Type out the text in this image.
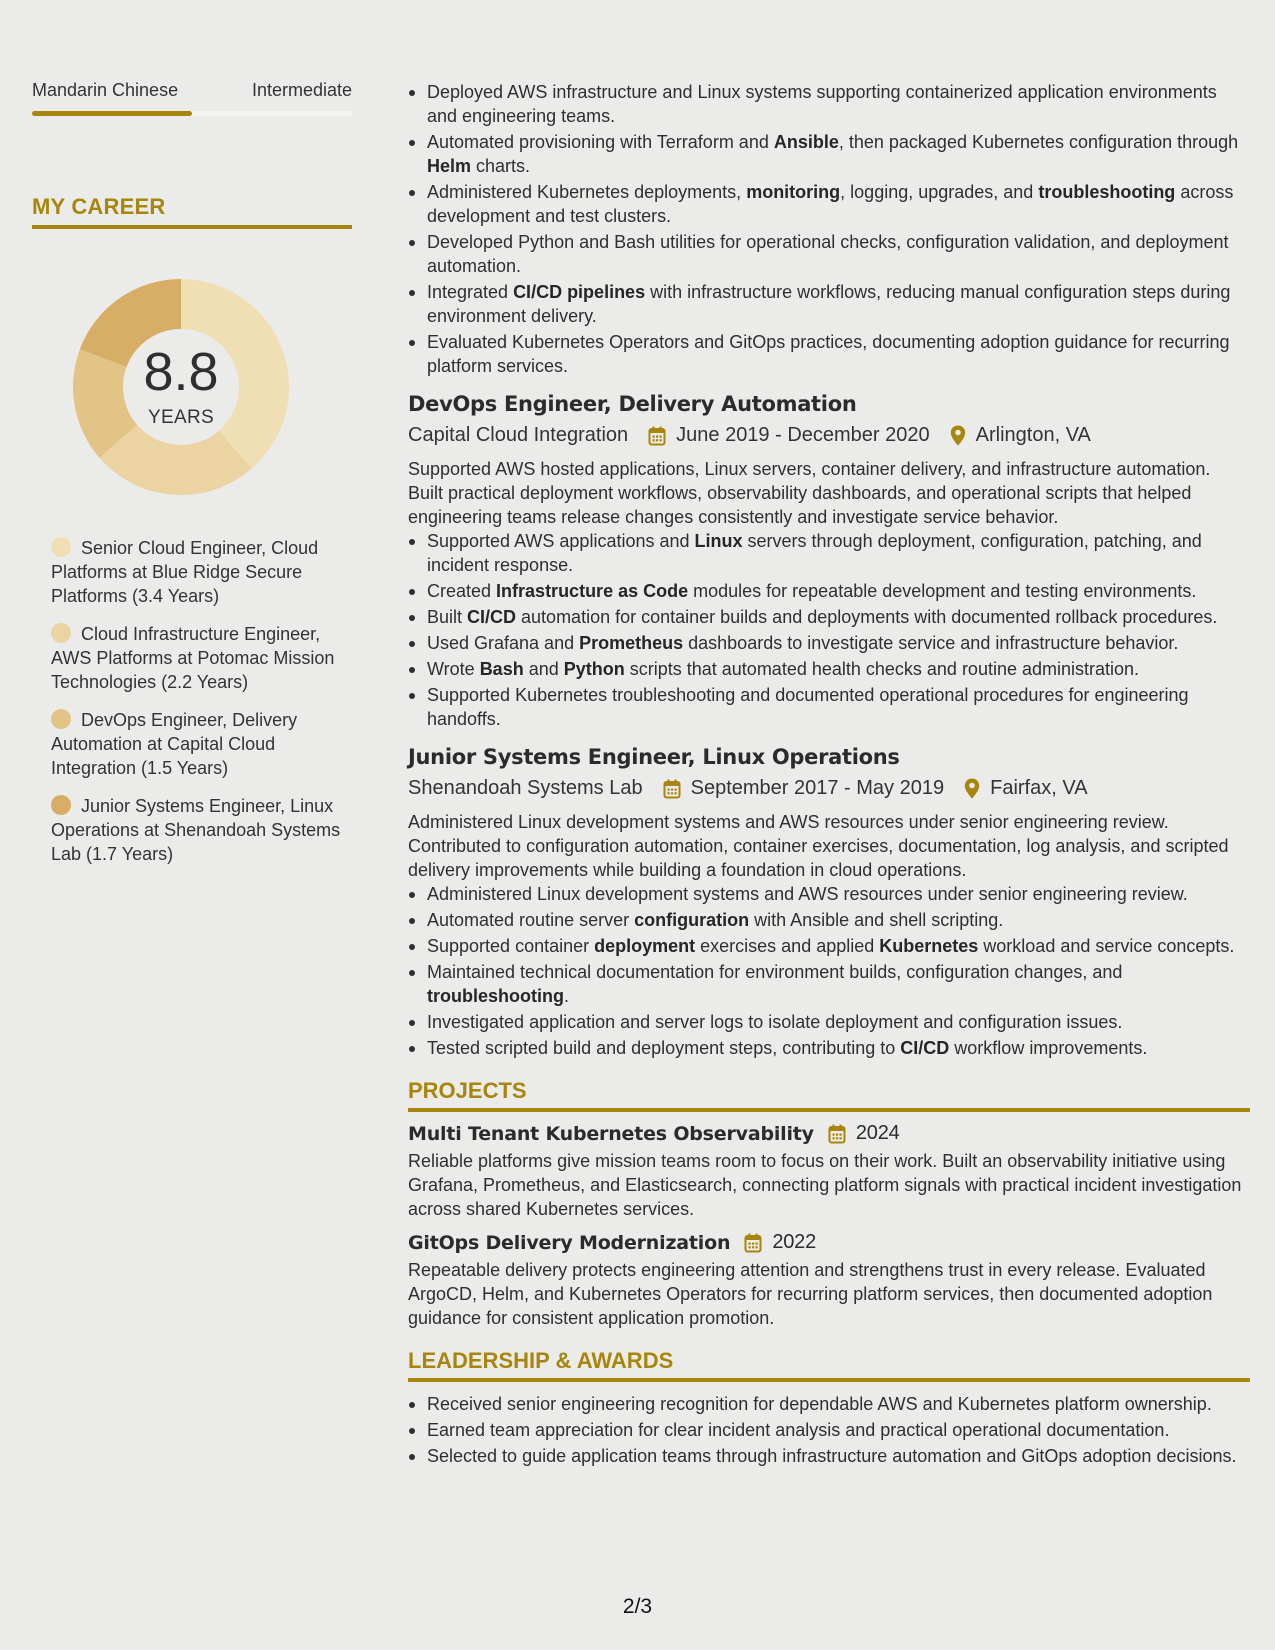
Mandarin Chinese	Intermediate
MY CAREER
8.8
YEARS
Senior Cloud Engineer, Cloud Platforms at Blue Ridge Secure Platforms (3.4 Years)
Cloud Infrastructure Engineer, AWS Platforms at Potomac Mission Technologies (2.2 Years)
DevOps Engineer, Delivery Automation at Capital Cloud Integration (1.5 Years)
Junior Systems Engineer, Linux Operations at Shenandoah Systems Lab (1.7 Years)
Deployed AWS infrastructure and Linux systems supporting containerized application environments and engineering teams.
Automated provisioning with Terraform and Ansible, then packaged Kubernetes configuration through Helm charts.
Administered Kubernetes deployments, monitoring, logging, upgrades, and troubleshooting across development and test clusters.
Developed Python and Bash utilities for operational checks, configuration validation, and deployment automation.
Integrated CI/CD pipelines with infrastructure workflows, reducing manual configuration steps during environment delivery.
Evaluated Kubernetes Operators and GitOps practices, documenting adoption guidance for recurring platform services.
DevOps Engineer, Delivery Automation
Capital Cloud Integration June 2019 - December 2020 Arlington, VA
Supported AWS hosted applications, Linux servers, container delivery, and infrastructure automation. Built practical deployment workflows, observability dashboards, and operational scripts that helped engineering teams release changes consistently and investigate service behavior.
Supported AWS applications and Linux servers through deployment, configuration, patching, and incident response.
Created Infrastructure as Code modules for repeatable development and testing environments.
Built CI/CD automation for container builds and deployments with documented rollback procedures.
Used Grafana and Prometheus dashboards to investigate service and infrastructure behavior.
Wrote Bash and Python scripts that automated health checks and routine administration.
Supported Kubernetes troubleshooting and documented operational procedures for engineering handoffs.
Junior Systems Engineer, Linux Operations
Shenandoah Systems Lab September 2017 - May 2019 Fairfax, VA
Administered Linux development systems and AWS resources under senior engineering review. Contributed to configuration automation, container exercises, documentation, log analysis, and scripted delivery improvements while building a foundation in cloud operations.
Administered Linux development systems and AWS resources under senior engineering review.
Automated routine server configuration with Ansible and shell scripting.
Supported container deployment exercises and applied Kubernetes workload and service concepts.
Maintained technical documentation for environment builds, configuration changes, and troubleshooting.
Investigated application and server logs to isolate deployment and configuration issues.
Tested scripted build and deployment steps, contributing to CI/CD workflow improvements.
PROJECTS
Multi Tenant Kubernetes Observability 2024
Reliable platforms give mission teams room to focus on their work. Built an observability initiative using Grafana, Prometheus, and Elasticsearch, connecting platform signals with practical incident investigation across shared Kubernetes services.
GitOps Delivery Modernization 2022
Repeatable delivery protects engineering attention and strengthens trust in every release. Evaluated ArgoCD, Helm, and Kubernetes Operators for recurring platform services, then documented adoption guidance for consistent application promotion.
LEADERSHIP & AWARDS
Received senior engineering recognition for dependable AWS and Kubernetes platform ownership.
Earned team appreciation for clear incident analysis and practical operational documentation.
Selected to guide application teams through infrastructure automation and GitOps adoption decisions.
2/3
